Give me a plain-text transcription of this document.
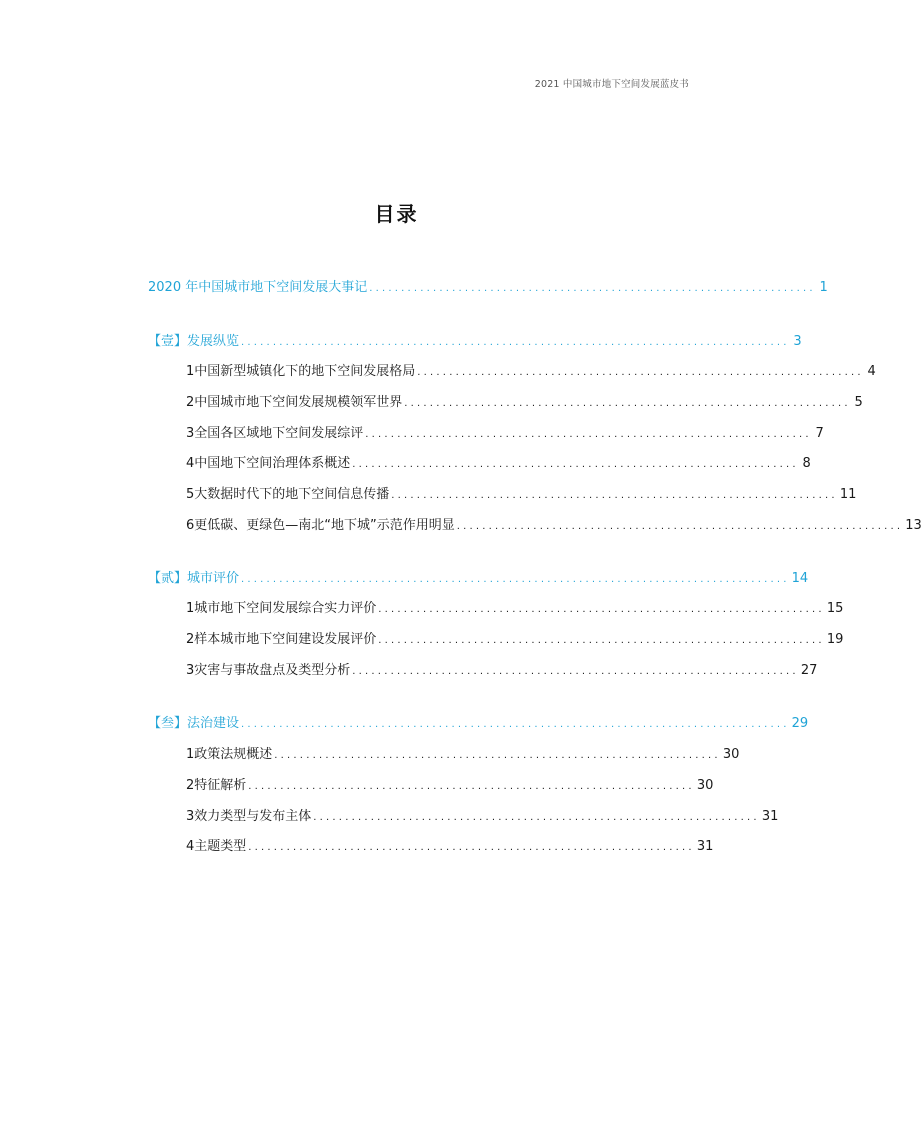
2021 中国城市地下空间发展蓝皮书
目录
2020 年中国城市地下空间发展大事记 ...................................................................... 1
【壹】发展纵览 ...................................................................................... 3
1 中国新型城镇化下的地下空间发展格局 ...................................................................... 4
2 中国城市地下空间发展规模领军世界 ...................................................................... 5
3 全国各区域地下空间发展综评 ...................................................................... 7
4 中国地下空间治理体系概述 ...................................................................... 8
5 大数据时代下的地下空间信息传播 ...................................................................... 11
6 更低碳、更绿色—南北“地下城”示范作用明显 ...................................................................... 13
【贰】城市评价 ...................................................................................... 14
1 城市地下空间发展综合实力评价 ...................................................................... 15
2 样本城市地下空间建设发展评价 ...................................................................... 19
3 灾害与事故盘点及类型分析 ...................................................................... 27
【叁】法治建设 ...................................................................................... 29
1 政策法规概述 ...................................................................... 30
2 特征解析 ...................................................................... 30
3 效力类型与发布主体 ...................................................................... 31
4 主题类型 ...................................................................... 31
